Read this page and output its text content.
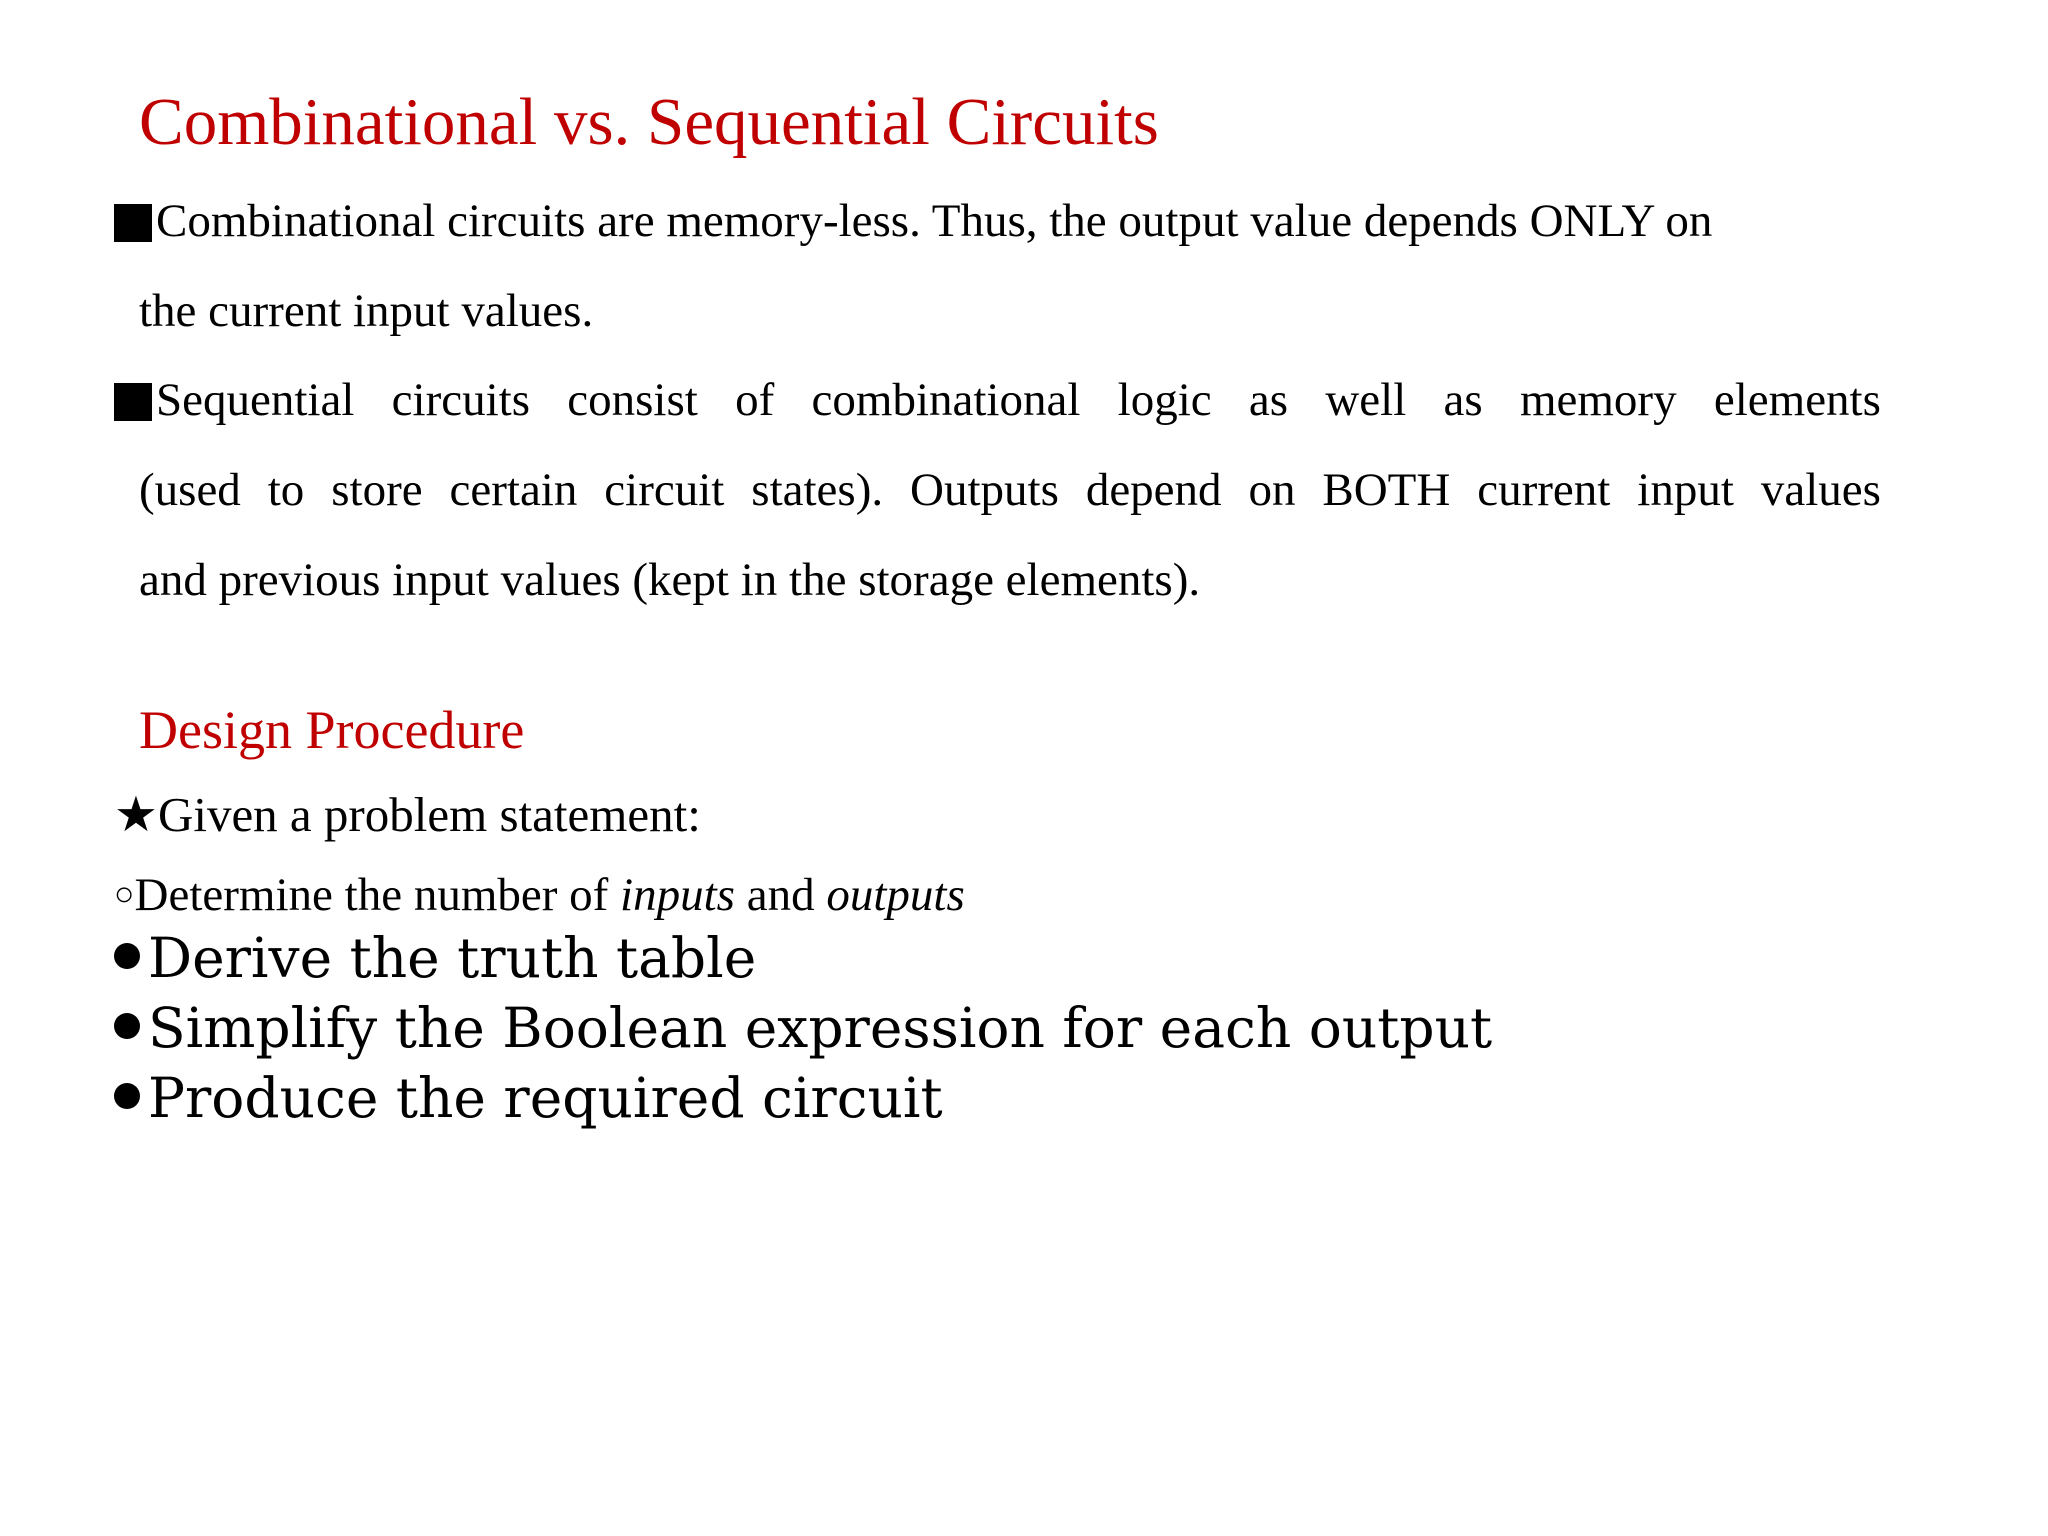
Combinational vs. Sequential Circuits
Combinational circuits are memory-less. Thus, the output value depends ONLY on
the current input values.
Sequential circuits consist of combinational logic as well as memory elements
(used to store certain circuit states). Outputs depend on BOTH current input values
and previous input values (kept in the storage elements).
Design Procedure
★Given a problem statement:
○Determine the number of inputs and outputs
Derive the truth table
Simplify the Boolean expression for each output
Produce the required circuit
